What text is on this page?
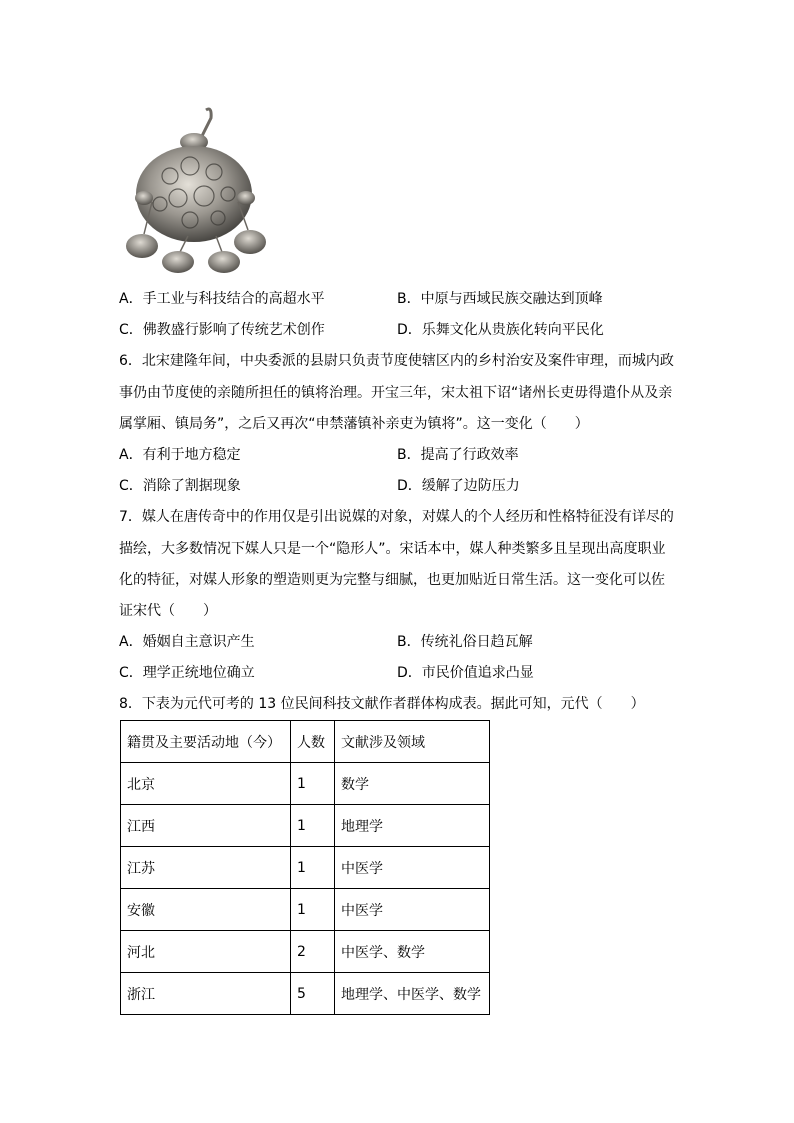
A．手工业与科技结合的高超水平	B．中原与西域民族交融达到顶峰
C．佛教盛行影响了传统艺术创作	D．乐舞文化从贵族化转向平民化
6．北宋建隆年间，中央委派的县尉只负责节度使辖区内的乡村治安及案件审理，而城内政
事仍由节度使的亲随所担任的镇将治理。开宝三年，宋太祖下诏“诸州长吏毋得遣仆从及亲
属掌厢、镇局务”，之后又再次“申禁藩镇补亲吏为镇将”。这一变化（　　）
A．有利于地方稳定	B．提高了行政效率
C．消除了割据现象	D．缓解了边防压力
7．媒人在唐传奇中的作用仅是引出说媒的对象，对媒人的个人经历和性格特征没有详尽的
描绘，大多数情况下媒人只是一个“隐形人”。宋话本中，媒人种类繁多且呈现出高度职业
化的特征，对媒人形象的塑造则更为完整与细腻，也更加贴近日常生活。这一变化可以佐
证宋代（　　）
A．婚姻自主意识产生	B．传统礼俗日趋瓦解
C．理学正统地位确立	D．市民价值追求凸显
8．下表为元代可考的 13 位民间科技文献作者群体构成表。据此可知，元代（　　）
籍贯及主要活动地（今）	人数	文献涉及领域
北京	1	数学
江西	1	地理学
江苏	1	中医学
安徽	1	中医学
河北	2	中医学、数学
浙江	5	地理学、中医学、数学
